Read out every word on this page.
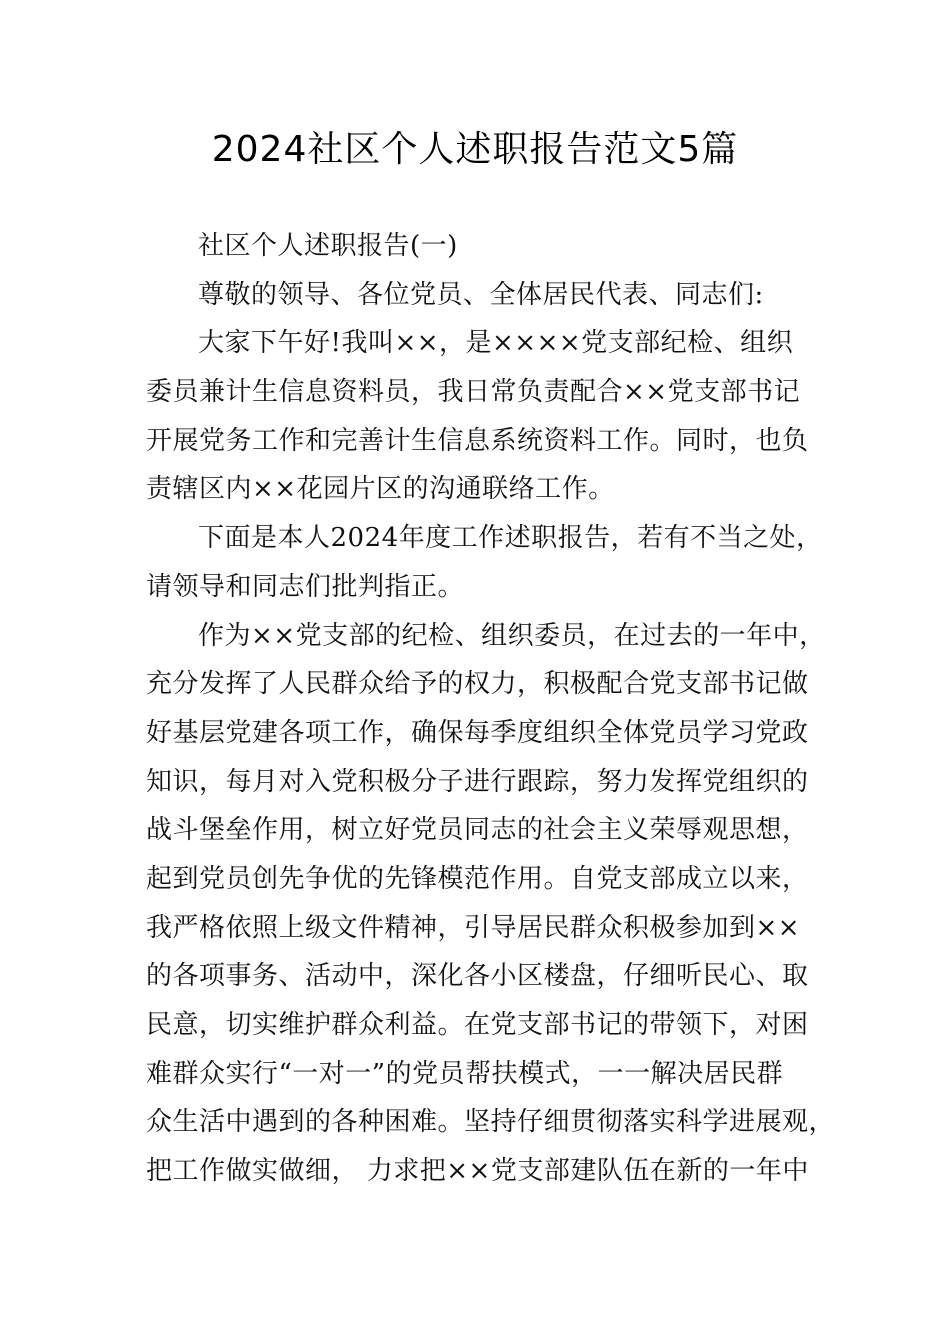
2024社区个人述职报告范文5篇
社区个人述职报告(一)
尊敬的领导、各位党员、全体居民代表、同志们:
大家下午好!我叫××，是××××党支部纪检、组织
委员兼计生信息资料员，我日常负责配合××党支部书记
开展党务工作和完善计生信息系统资料工作。同时，也负
责辖区内××花园片区的沟通联络工作。
下面是本人2024年度工作述职报告，若有不当之处，
请领导和同志们批判指正。
作为××党支部的纪检、组织委员，在过去的一年中，
充分发挥了人民群众给予的权力，积极配合党支部书记做
好基层党建各项工作，确保每季度组织全体党员学习党政
知识，每月对入党积极分子进行跟踪，努力发挥党组织的
战斗堡垒作用，树立好党员同志的社会主义荣辱观思想，
起到党员创先争优的先锋模范作用。自党支部成立以来，
我严格依照上级文件精神，引导居民群众积极参加到××
的各项事务、活动中，深化各小区楼盘，仔细听民心、取
民意，切实维护群众利益。在党支部书记的带领下，对困
难群众实行“一对一”的党员帮扶模式，一一解决居民群
众生活中遇到的各种困难。坚持仔细贯彻落实科学进展观，
把工作做实做细， 力求把××党支部建队伍在新的一年中
